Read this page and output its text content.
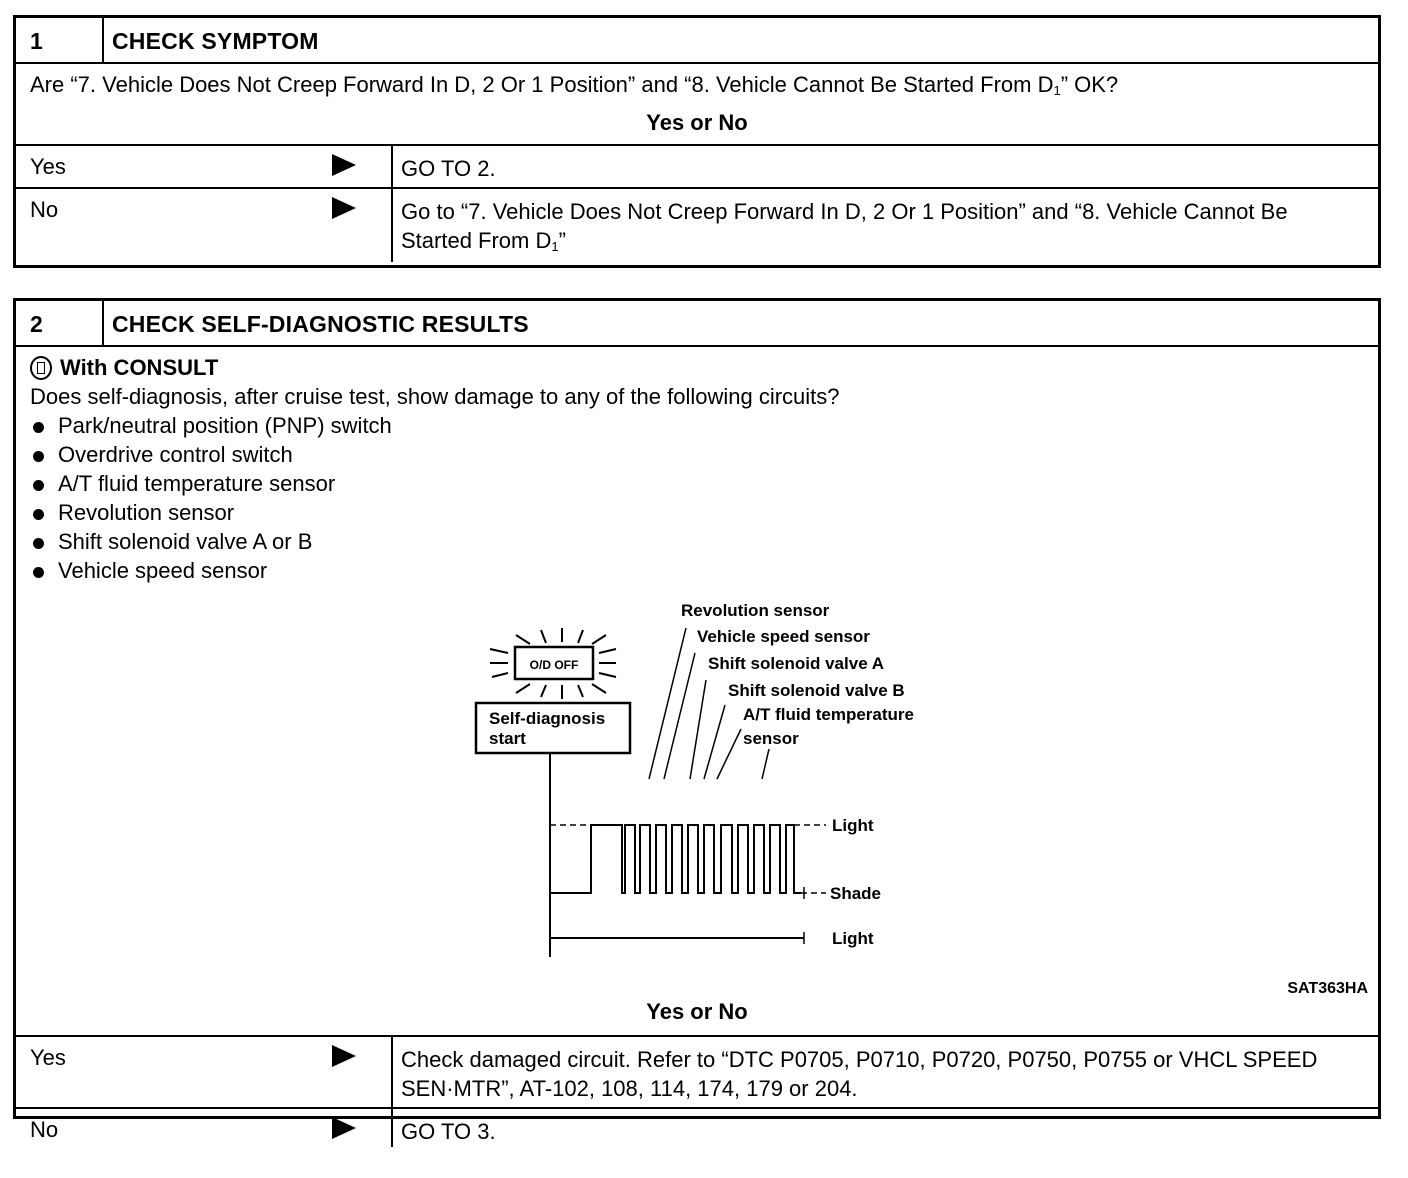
1	CHECK SYMPTOM
Are “7. Vehicle Does Not Creep Forward In D, 2 Or 1 Position” and “8. Vehicle Cannot Be Started From $D_1$” OK?
Yes or No
Yes	GO TO 2.
No	Go to “7. Vehicle Does Not Creep Forward In D, 2 Or 1 Position” and “8. Vehicle Cannot Be Started From $D_1$”
2	CHECK SELF-DIAGNOSTIC RESULTS
With CONSULT
Does self-diagnosis, after cruise test, show damage to any of the following circuits?
Park/neutral position (PNP) switch
Overdrive control switch
A/T fluid temperature sensor
Revolution sensor
Shift solenoid valve A or B
Vehicle speed sensor
O/D OFF
Self-diagnosis
start
Revolution sensor
Vehicle speed sensor
Shift solenoid valve A
Shift solenoid valve B
A/T fluid temperature
sensor
Light
Shade
Light
SAT363HA
Yes or No
Yes	Check damaged circuit. Refer to “DTC P0705, P0710, P0720, P0750, P0755 or VHCL SPEED SEN·MTR”, AT-102, 108, 114, 174, 179 or 204.
No	GO TO 3.
